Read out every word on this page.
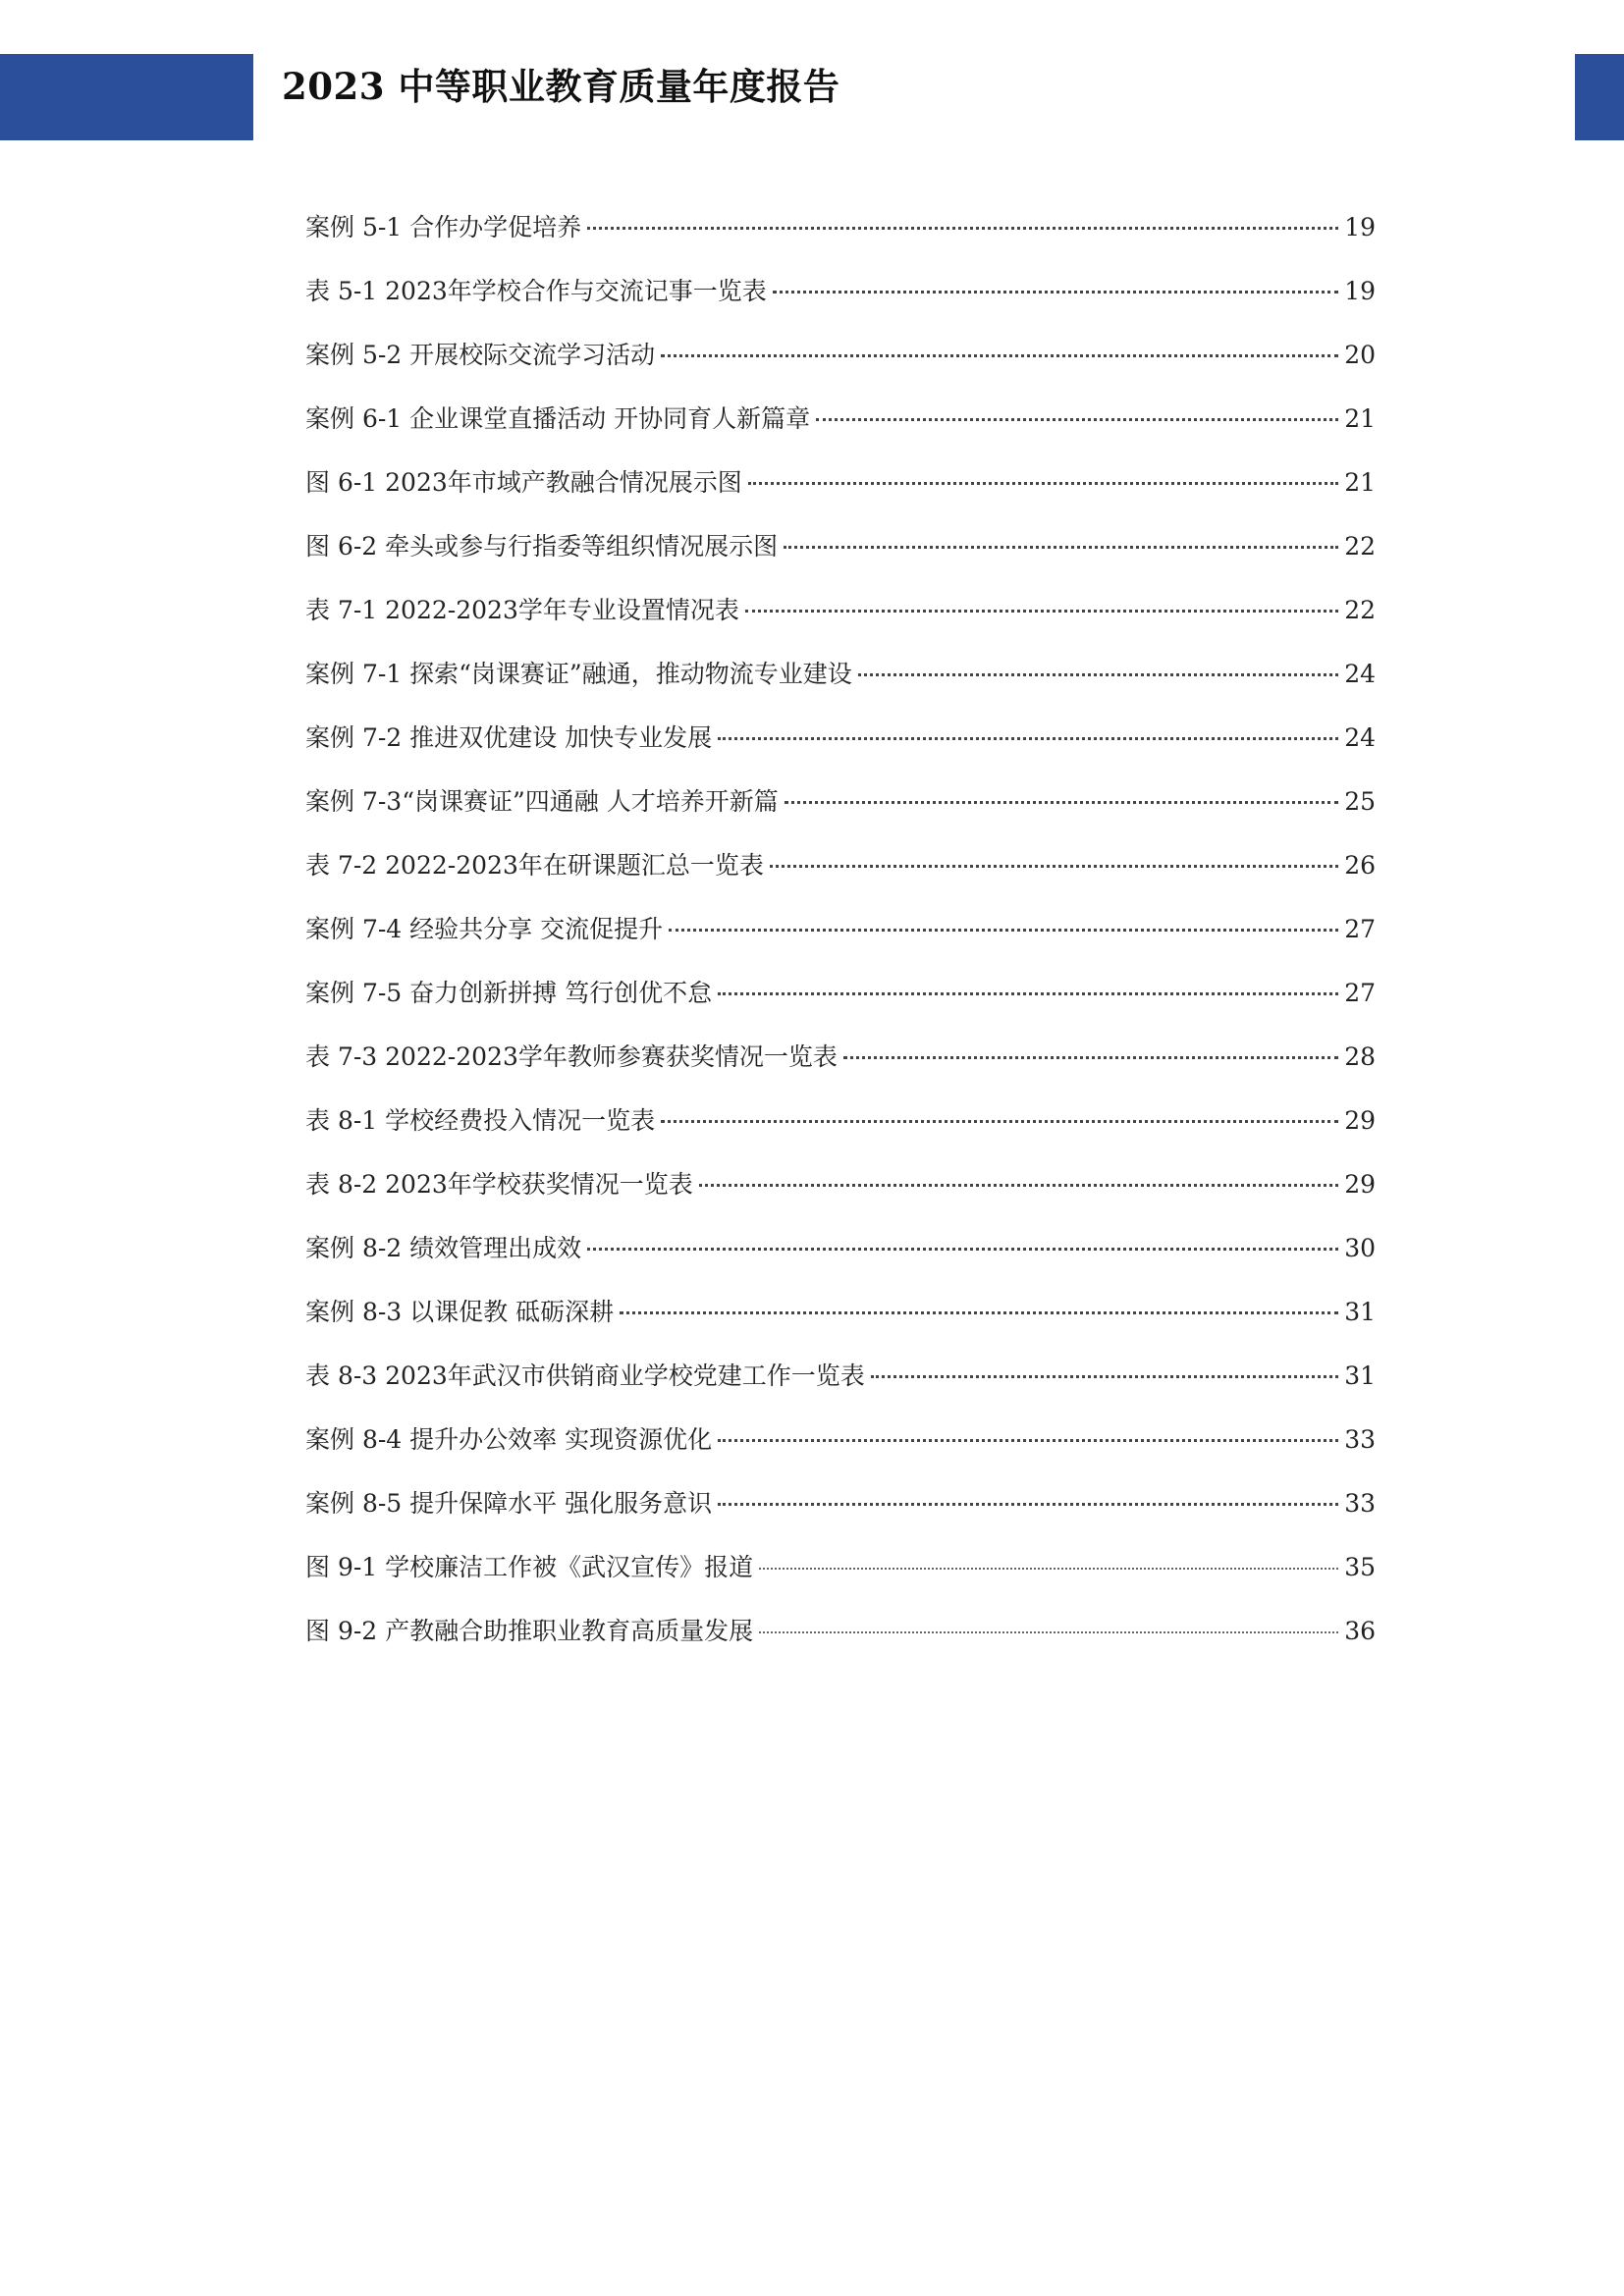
2023 中等职业教育质量年度报告
案例 5-1 合作办学促培养	19
表 5-1 2023年学校合作与交流记事一览表	19
案例 5-2 开展校际交流学习活动	20
案例 6-1 企业课堂直播活动 开协同育人新篇章	21
图 6-1 2023年市域产教融合情况展示图	21
图 6-2 牵头或参与行指委等组织情况展示图	22
表 7-1 2022-2023学年专业设置情况表	22
案例 7-1 探索“岗课赛证”融通，推动物流专业建设	24
案例 7-2 推进双优建设 加快专业发展	24
案例 7-3“岗课赛证”四通融 人才培养开新篇	25
表 7-2 2022-2023年在研课题汇总一览表	26
案例 7-4 经验共分享 交流促提升	27
案例 7-5 奋力创新拼搏 笃行创优不怠	27
表 7-3 2022-2023学年教师参赛获奖情况一览表	28
表 8-1 学校经费投入情况一览表	29
表 8-2 2023年学校获奖情况一览表	29
案例 8-2 绩效管理出成效	30
案例 8-3 以课促教 砥砺深耕	31
表 8-3 2023年武汉市供销商业学校党建工作一览表	31
案例 8-4 提升办公效率 实现资源优化	33
案例 8-5 提升保障水平 强化服务意识	33
图 9-1 学校廉洁工作被《武汉宣传》报道	35
图 9-2 产教融合助推职业教育高质量发展	36
